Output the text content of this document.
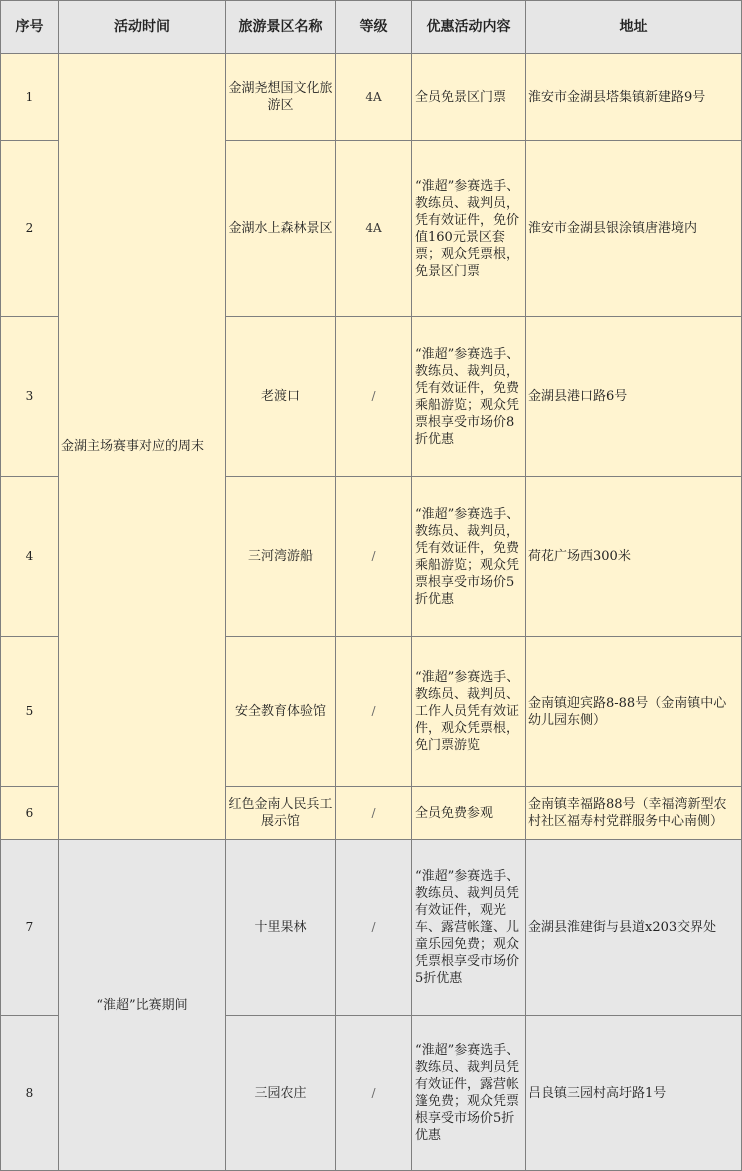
序号	活动时间	旅游景区名称	等级	优惠活动内容	地址
1	金湖主场赛事对应的周末	金湖尧想国文化旅游区	4A	全员免景区门票	淮安市金湖县塔集镇新建路9号
2		金湖水上森林景区	4A	“淮超”参赛选手、教练员、裁判员，凭有效证件，免价值160元景区套票；观众凭票根，免景区门票	淮安市金湖县银涂镇唐港境内
3		老渡口	/	“淮超”参赛选手、教练员、裁判员，凭有效证件，免费乘船游览；观众凭票根享受市场价8折优惠	金湖县港口路6号
4		三河湾游船	/	“淮超”参赛选手、教练员、裁判员，凭有效证件，免费乘船游览；观众凭票根享受市场价5折优惠	荷花广场西300米
5		安全教育体验馆	/	“淮超”参赛选手、教练员、裁判员、工作人员凭有效证件，观众凭票根，免门票游览	金南镇迎宾路8-88号（金南镇中心幼儿园东侧）
6		红色金南人民兵工展示馆	/	全员免费参观	金南镇幸福路88号（幸福湾新型农村社区福寿村党群服务中心南侧）
7	“淮超”比赛期间	十里果林	/	“淮超”参赛选手、教练员、裁判员凭有效证件，观光车、露营帐篷、儿童乐园免费；观众凭票根享受市场价5折优惠	金湖县淮建街与县道x203交界处
8		三园农庄	/	“淮超”参赛选手、教练员、裁判员凭有效证件，露营帐篷免费；观众凭票根享受市场价5折优惠	吕良镇三园村高圩路1号
